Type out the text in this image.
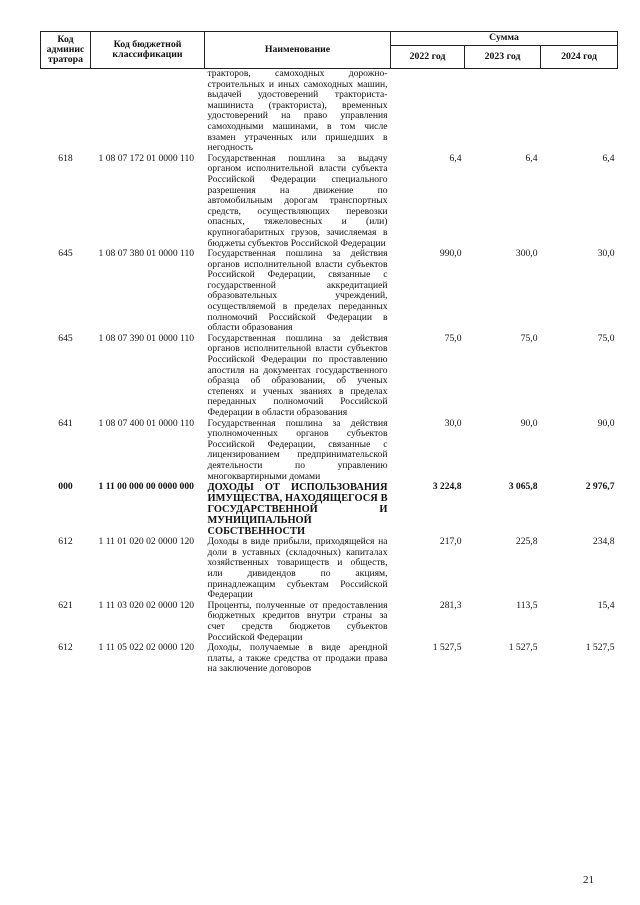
Код админис тратора	Код бюджетной классификации	Наименование	Сумма		
			2022 год	2023 год	2024 год
		тракторов, самоходных дорожно-строительных и иных самоходных машин, выдачей удостоверений тракториста-машиниста (тракториста), временных удостоверений на право управления самоходными машинами, в том числе взамен утраченных или пришедших в негодность			
618	1 08 07 172 01 0000 110	Государственная пошлина за выдачу органом исполнительной власти субъекта Российской Федерации специального разрешения на движение по автомобильным дорогам транспортных средств, осуществляющих перевозки опасных, тяжеловесных и (или) крупногабаритных грузов, зачисляемая в бюджеты субъектов Российской Федерации	6,4	6,4	6,4
645	1 08 07 380 01 0000 110	Государственная пошлина за действия органов исполнительной власти субъектов Российской Федерации, связанные с государственной аккредитацией образовательных учреждений, осуществляемой в пределах переданных полномочий Российской Федерации в области образования	990,0	300,0	30,0
645	1 08 07 390 01 0000 110	Государственная пошлина за действия органов исполнительной власти субъектов Российской Федерации по проставлению апостиля на документах государственного образца об образовании, об ученых степенях и ученых званиях в пределах переданных полномочий Российской Федерации в области образования	75,0	75,0	75,0
641	1 08 07 400 01 0000 110	Государственная пошлина за действия уполномоченных органов субъектов Российской Федерации, связанные с лицензированием предпринимательской деятельности по управлению многоквартирными домами	30,0	90,0	90,0
000	1 11 00 000 00 0000 000	ДОХОДЫ ОТ ИСПОЛЬЗОВАНИЯ ИМУЩЕСТВА, НАХОДЯЩЕГОСЯ В ГОСУДАРСТВЕННОЙ И МУНИЦИПАЛЬНОЙ СОБСТВЕННОСТИ	3 224,8	3 065,8	2 976,7
612	1 11 01 020 02 0000 120	Доходы в виде прибыли, приходящейся на доли в уставных (складочных) капиталах хозяйственных товариществ и обществ, или дивидендов по акциям, принадлежащим субъектам Российской Федерации	217,0	225,8	234,8
621	1 11 03 020 02 0000 120	Проценты, полученные от предоставления бюджетных кредитов внутри страны за счет средств бюджетов субъектов Российской Федерации	281,3	113,5	15,4
612	1 11 05 022 02 0000 120	Доходы, получаемые в виде арендной платы, а также средства от продажи права на заключение договоров	1 527,5	1 527,5	1 527,5
21
